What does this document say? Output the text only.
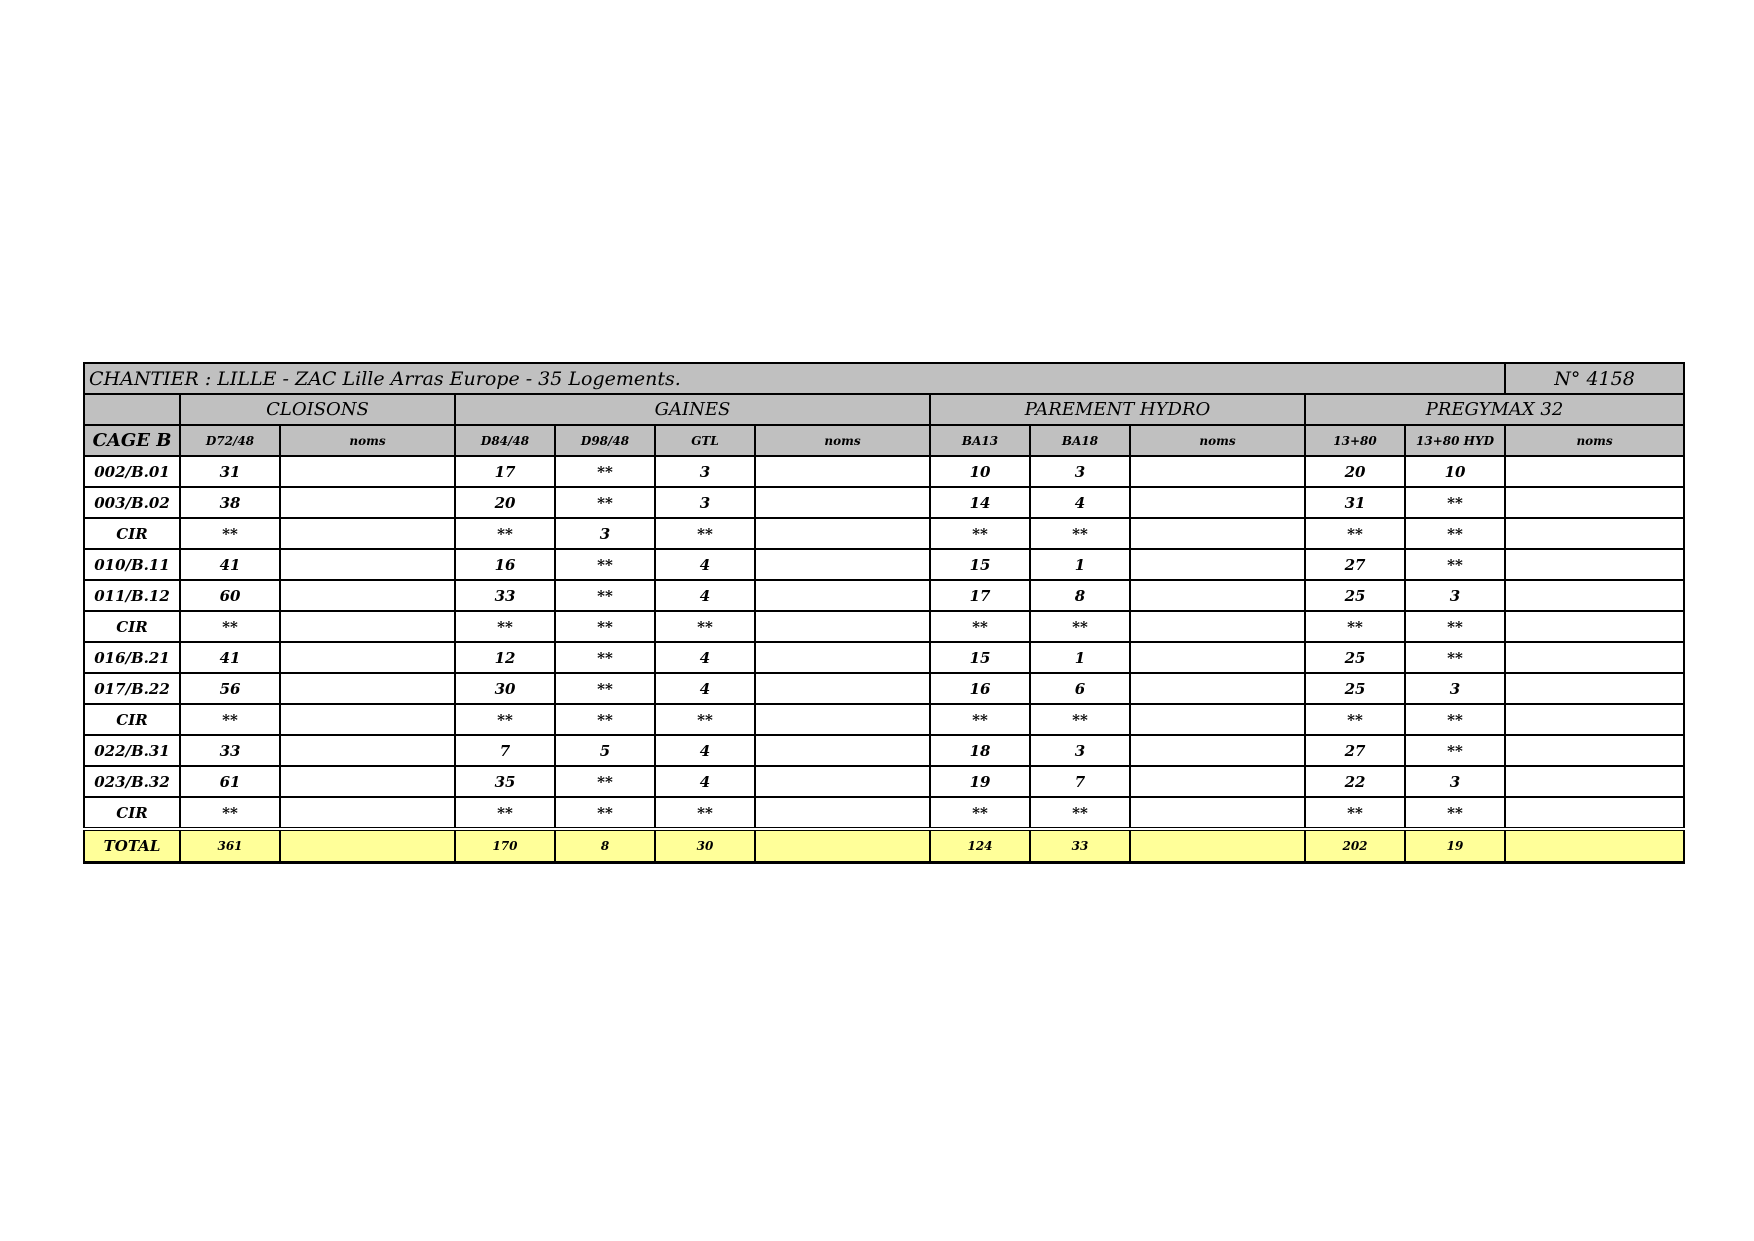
CHANTIER : LILLE - ZAC Lille Arras Europe - 35 Logements.												N° 4158
	CLOISONS		GAINES				PAREMENT HYDRO			PREGYMAX 32		
CAGE B	D72/48	noms	D84/48	D98/48	GTL	noms	BA13	BA18	noms	13+80	13+80 HYD	noms
002/B.01	31		17	**	3		10	3		20	10	
003/B.02	38		20	**	3		14	4		31	**	
CIR	**		**	3	**		**	**		**	**	
010/B.11	41		16	**	4		15	1		27	**	
011/B.12	60		33	**	4		17	8		25	3	
CIR	**		**	**	**		**	**		**	**	
016/B.21	41		12	**	4		15	1		25	**	
017/B.22	56		30	**	4		16	6		25	3	
CIR	**		**	**	**		**	**		**	**	
022/B.31	33		7	5	4		18	3		27	**	
023/B.32	61		35	**	4		19	7		22	3	
CIR	**		**	**	**		**	**		**	**	
TOTAL	361		170	8	30		124	33		202	19	
